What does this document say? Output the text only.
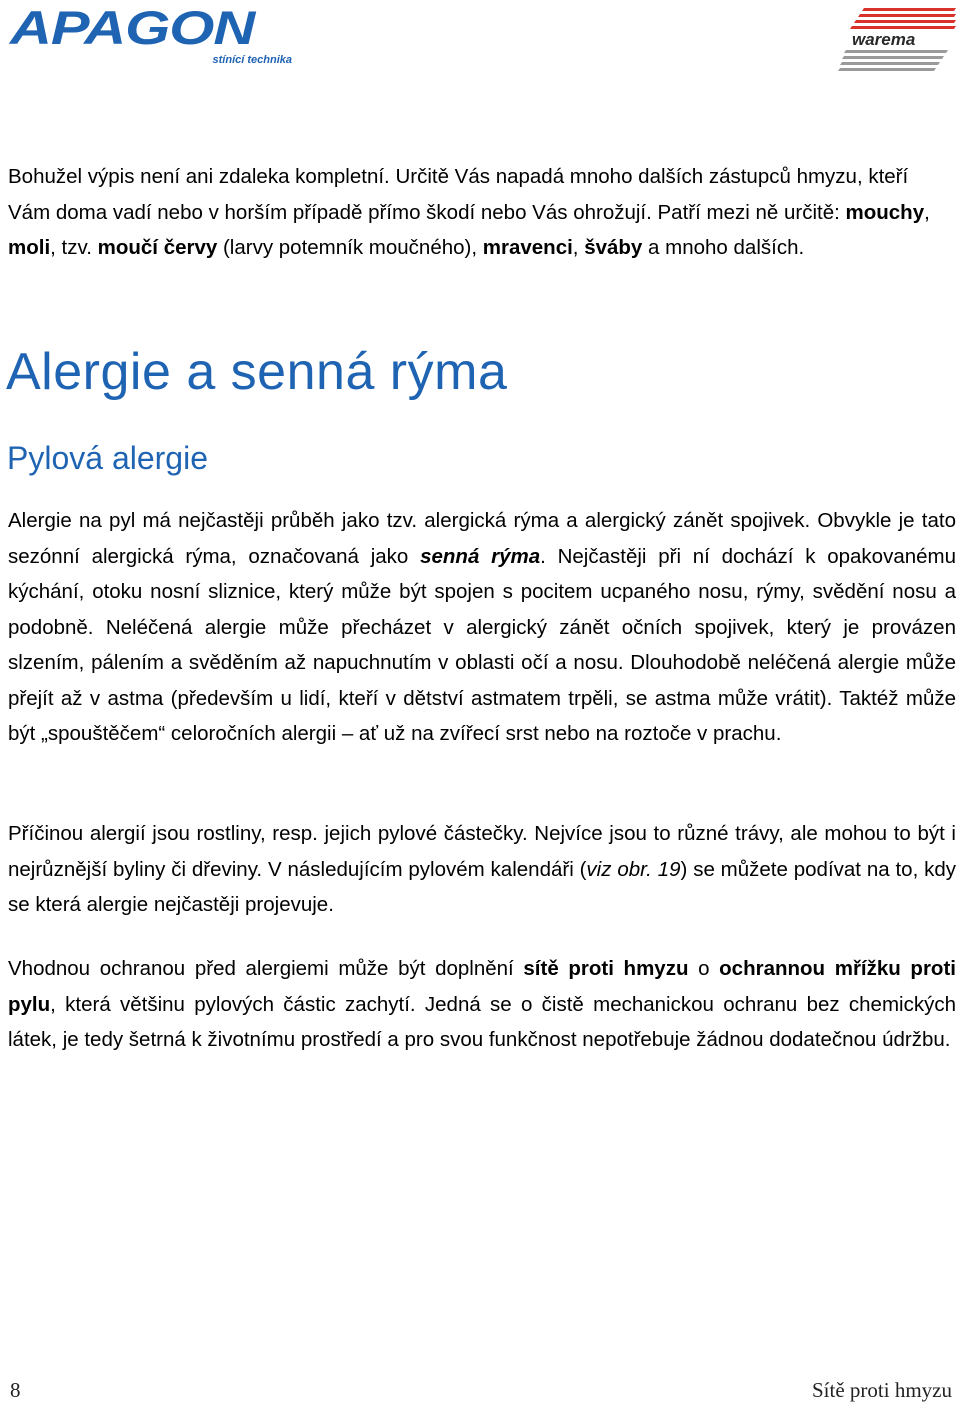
APAGON
stínící technika
warema

Bohužel výpis není ani zdaleka kompletní. Určitě Vás napadá mnoho dalších zástupců hmyzu, kteří Vám doma vadí nebo v horším případě přímo škodí nebo Vás ohrožují. Patří mezi ně určitě: mouchy, moli, tzv. moučí červy (larvy potemník moučného), mravenci, šváby a mnoho dalších.

Alergie a senná rýma
Pylová alergie

Alergie na pyl má nejčastěji průběh jako tzv. alergická rýma a alergický zánět spojivek. Obvykle je tato sezónní alergická rýma, označovaná jako senná rýma. Nejčastěji při ní dochází k opakovanému kýchání, otoku nosní sliznice, který může být spojen s pocitem ucpaného nosu, rýmy, svědění nosu a podobně. Neléčená alergie může přecházet v alergický zánět očních spojivek, který je provázen slzením, pálením a svěděním až napuchnutím v oblasti očí a nosu. Dlouhodobě neléčená alergie může přejít až v astma (především u lidí, kteří v dětství astmatem trpěli, se astma může vrátit). Taktéž může být „spouštěčem“ celoročních alergii – ať už na zvířecí srst nebo na roztoče v prachu.

Příčinou alergií jsou rostliny, resp. jejich pylové částečky. Nejvíce jsou to různé trávy, ale mohou to být i nejrůznější byliny či dřeviny. V následujícím pylovém kalendáři (viz obr. 19) se můžete podívat na to, kdy se která alergie nejčastěji projevuje.

Vhodnou ochranou před alergiemi může být doplnění sítě proti hmyzu o ochrannou mřížku proti pylu, která většinu pylových částic zachytí. Jedná se o čistě mechanickou ochranu bez chemických látek, je tedy šetrná k životnímu prostředí a pro svou funkčnost nepotřebuje žádnou dodatečnou údržbu.

8	Sítě proti hmyzu
